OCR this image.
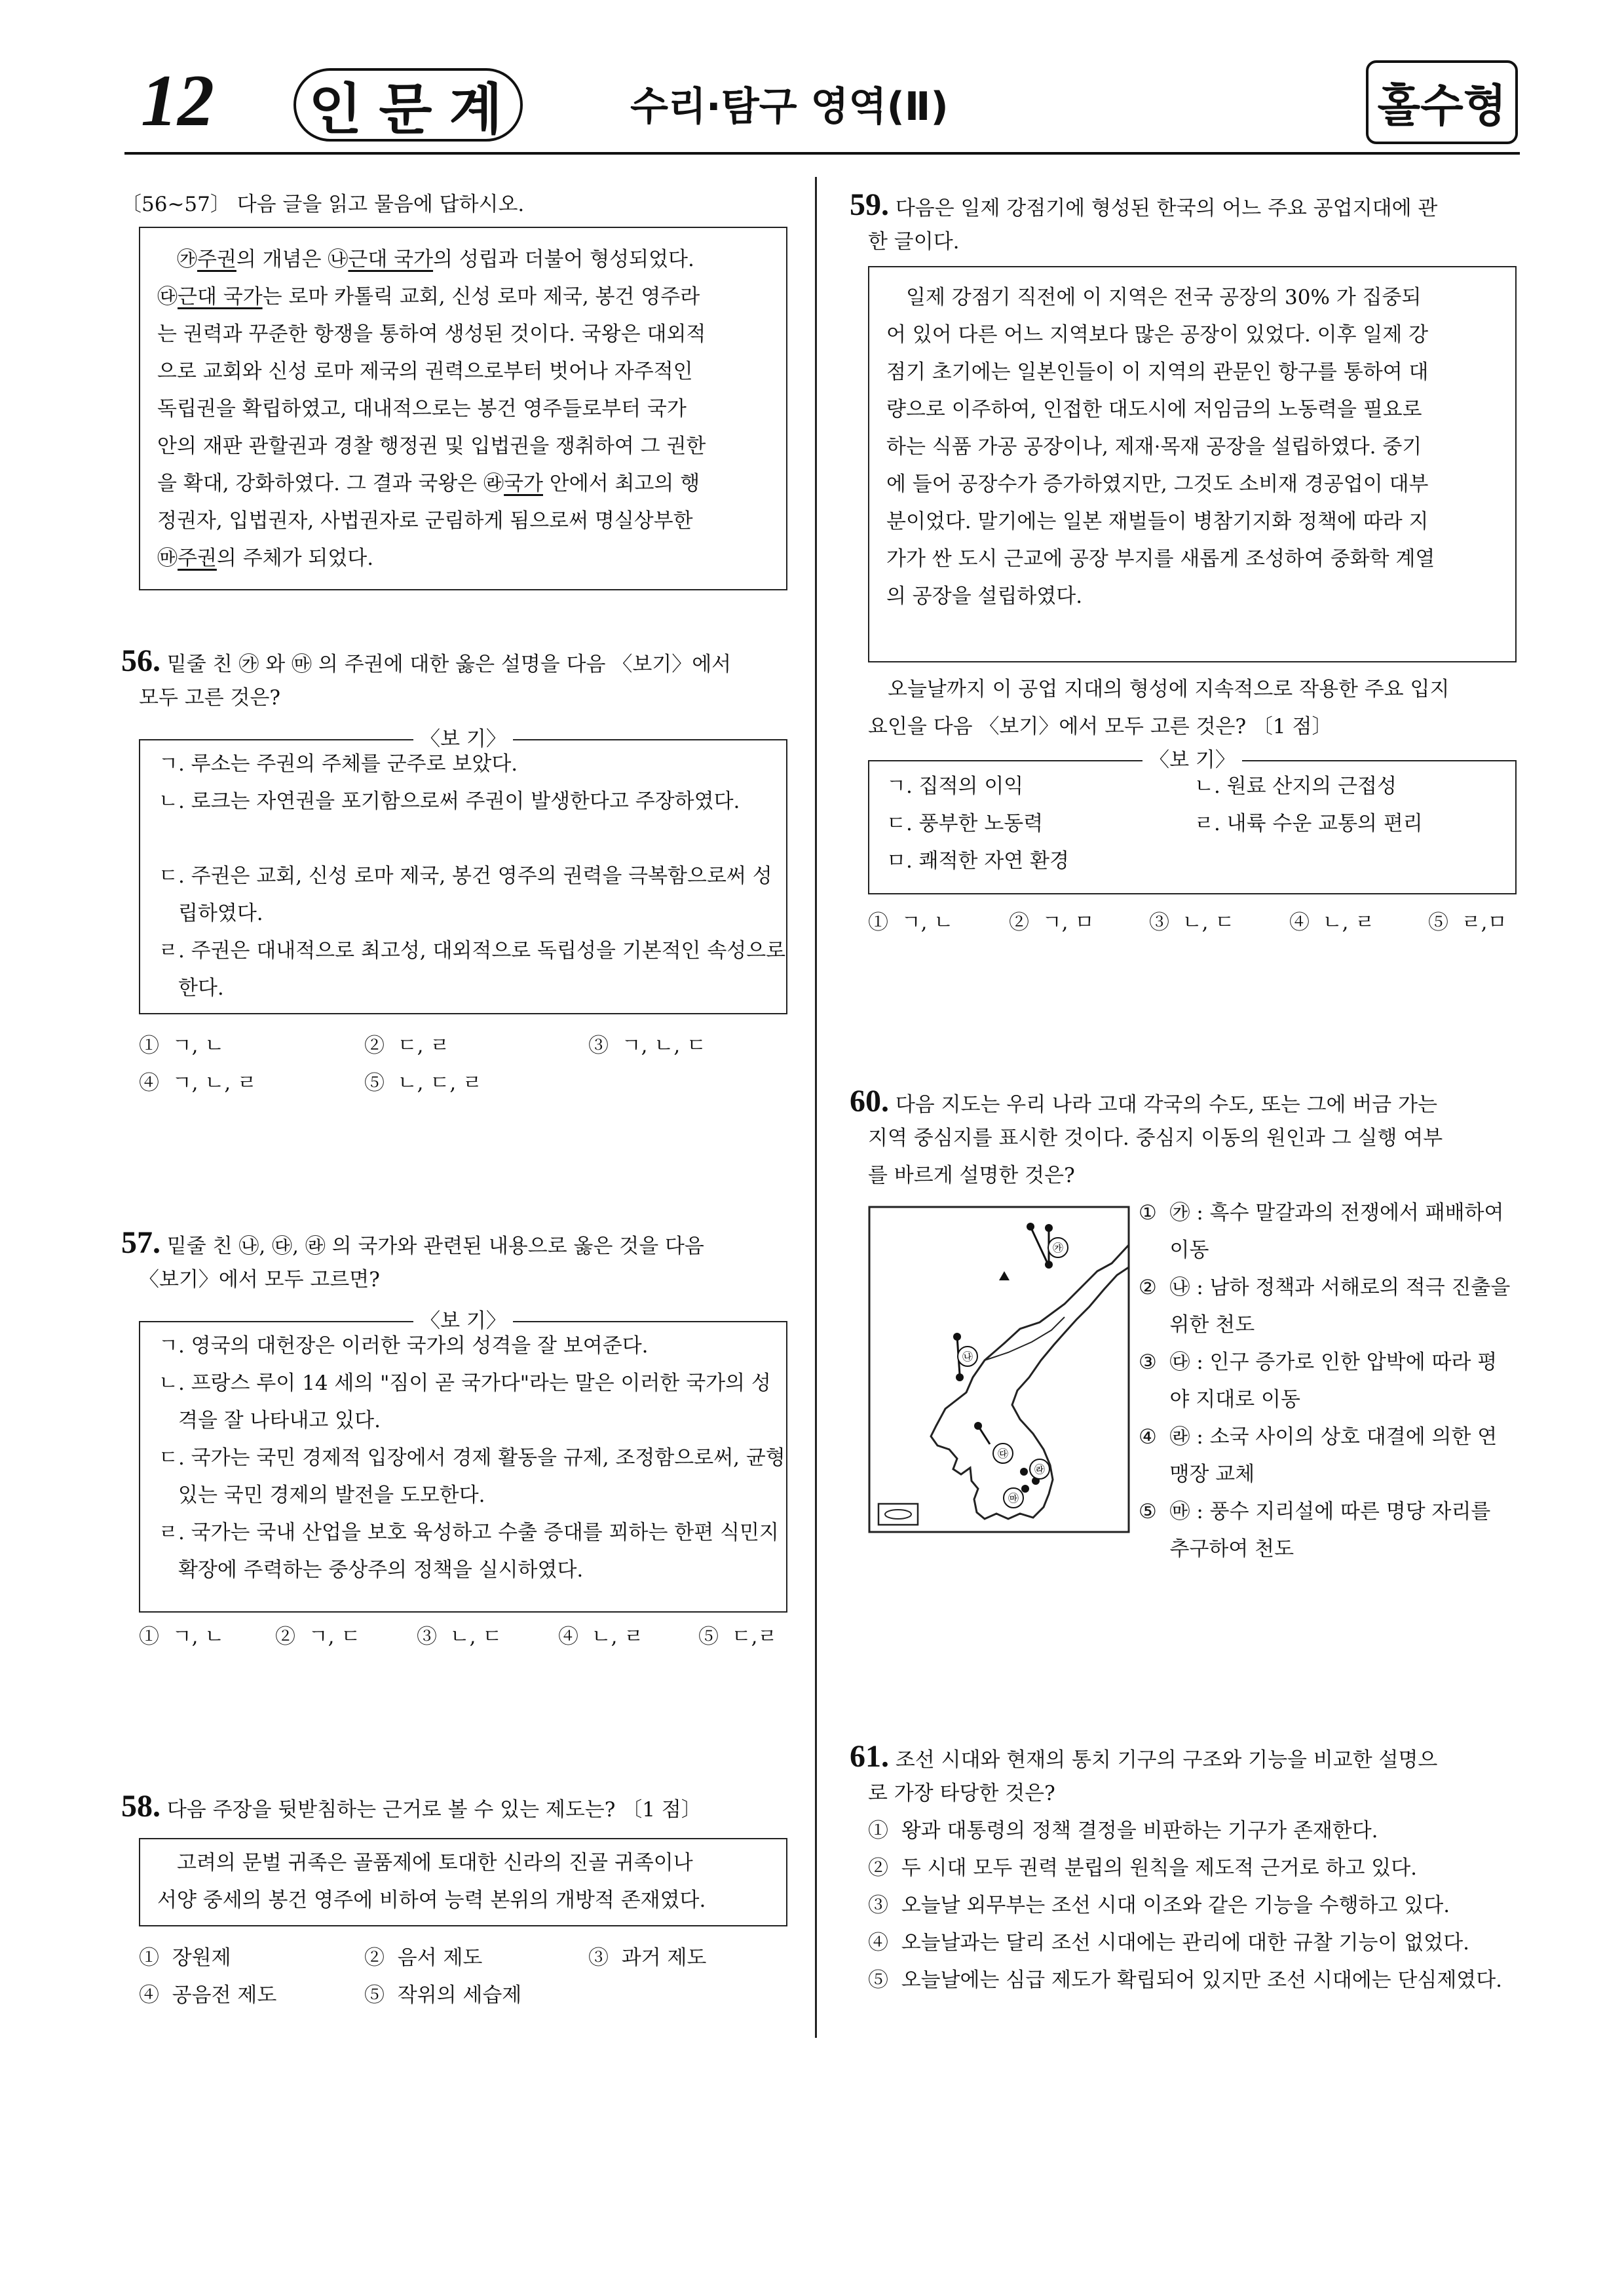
12 인문계	수리·탐구 영역(Ⅱ)	홀수형
〔56~57〕 다음 글을 읽고 물음에 답하시오.
㉮주권의 개념은 ㉯근대 국가의 성립과 더불어 형성되었다.
㉰근대 국가는 로마 카톨릭 교회, 신성 로마 제국, 봉건 영주라
는 권력과 꾸준한 항쟁을 통하여 생성된 것이다. 국왕은 대외적
으로 교회와 신성 로마 제국의 권력으로부터 벗어나 자주적인
독립권을 확립하였고, 대내적으로는 봉건 영주들로부터 국가
안의 재판 관할권과 경찰 행정권 및 입법권을 쟁취하여 그 권한
을 확대, 강화하였다. 그 결과 국왕은 ㉱국가 안에서 최고의 행
정권자, 입법권자, 사법권자로 군림하게 됨으로써 명실상부한
㉲주권의 주체가 되었다.
56. 밑줄 친 ㉮ 와 ㉲ 의 주권에 대한 옳은 설명을 다음 〈보기〉에서
모두 고른 것은?
〈보 기〉
ㄱ. 루소는 주권의 주체를 군주로 보았다.
ㄴ. 로크는 자연권을 포기함으로써 주권이 발생한다고 주장하였다.
ㄷ. 주권은 교회, 신성 로마 제국, 봉건 영주의 권력을 극복함으로써 성립하였다.
ㄹ. 주권은 대내적으로 최고성, 대외적으로 독립성을 기본적인 속성으로 한다.
① ㄱ, ㄴ	② ㄷ, ㄹ	③ ㄱ, ㄴ, ㄷ
④ ㄱ, ㄴ, ㄹ	⑤ ㄴ, ㄷ, ㄹ
57. 밑줄 친 ㉯, ㉰, ㉱ 의 국가와 관련된 내용으로 옳은 것을 다음
〈보기〉에서 모두 고르면?
〈보 기〉
ㄱ. 영국의 대헌장은 이러한 국가의 성격을 잘 보여준다.
ㄴ. 프랑스 루이 14 세의 "짐이 곧 국가다"라는 말은 이러한 국가의 성격을 잘 나타내고 있다.
ㄷ. 국가는 국민 경제적 입장에서 경제 활동을 규제, 조정함으로써, 균형있는 국민 경제의 발전을 도모한다.
ㄹ. 국가는 국내 산업을 보호 육성하고 수출 증대를 꾀하는 한편 식민지 확장에 주력하는 중상주의 정책을 실시하였다.
① ㄱ, ㄴ	② ㄱ, ㄷ	③ ㄴ, ㄷ	④ ㄴ, ㄹ	⑤ ㄷ,ㄹ
58. 다음 주장을 뒷받침하는 근거로 볼 수 있는 제도는? 〔1 점〕
고려의 문벌 귀족은 골품제에 토대한 신라의 진골 귀족이나
서양 중세의 봉건 영주에 비하여 능력 본위의 개방적 존재였다.
① 장원제	② 음서 제도	③ 과거 제도
④ 공음전 제도	⑤ 작위의 세습제
59. 다음은 일제 강점기에 형성된 한국의 어느 주요 공업지대에 관
한 글이다.
일제 강점기 직전에 이 지역은 전국 공장의 30% 가 집중되
어 있어 다른 어느 지역보다 많은 공장이 있었다. 이후 일제 강
점기 초기에는 일본인들이 이 지역의 관문인 항구를 통하여 대
량으로 이주하여, 인접한 대도시에 저임금의 노동력을 필요로
하는 식품 가공 공장이나, 제재·목재 공장을 설립하였다. 중기
에 들어 공장수가 증가하였지만, 그것도 소비재 경공업이 대부
분이었다. 말기에는 일본 재벌들이 병참기지화 정책에 따라 지
가가 싼 도시 근교에 공장 부지를 새롭게 조성하여 중화학 계열
의 공장을 설립하였다.
오늘날까지 이 공업 지대의 형성에 지속적으로 작용한 주요 입지
요인을 다음 〈보기〉에서 모두 고른 것은? 〔1 점〕
〈보 기〉
ㄱ. 집적의 이익	ㄴ. 원료 산지의 근접성
ㄷ. 풍부한 노동력	ㄹ. 내륙 수운 교통의 편리
ㅁ. 쾌적한 자연 환경
① ㄱ, ㄴ	② ㄱ, ㅁ	③ ㄴ, ㄷ	④ ㄴ, ㄹ	⑤ ㄹ,ㅁ
60. 다음 지도는 우리 나라 고대 각국의 수도, 또는 그에 버금 가는
지역 중심지를 표시한 것이다. 중심지 이동의 원인과 그 실행 여부
를 바르게 설명한 것은?
㉮
㉯
㉰
㉱
㉲
① ㉮ : 흑수 말갈과의 전쟁에서 패배하여 이동
② ㉯ : 남하 정책과 서해로의 적극 진출을 위한 천도
③ ㉰ : 인구 증가로 인한 압박에 따라 평야 지대로 이동
④ ㉱ : 소국 사이의 상호 대결에 의한 연맹장 교체
⑤ ㉲ : 풍수 지리설에 따른 명당 자리를 추구하여 천도
61. 조선 시대와 현재의 통치 기구의 구조와 기능을 비교한 설명으
로 가장 타당한 것은?
① 왕과 대통령의 정책 결정을 비판하는 기구가 존재한다.
② 두 시대 모두 권력 분립의 원칙을 제도적 근거로 하고 있다.
③ 오늘날 외무부는 조선 시대 이조와 같은 기능을 수행하고 있다.
④ 오늘날과는 달리 조선 시대에는 관리에 대한 규찰 기능이 없었다.
⑤ 오늘날에는 심급 제도가 확립되어 있지만 조선 시대에는 단심제였다.
